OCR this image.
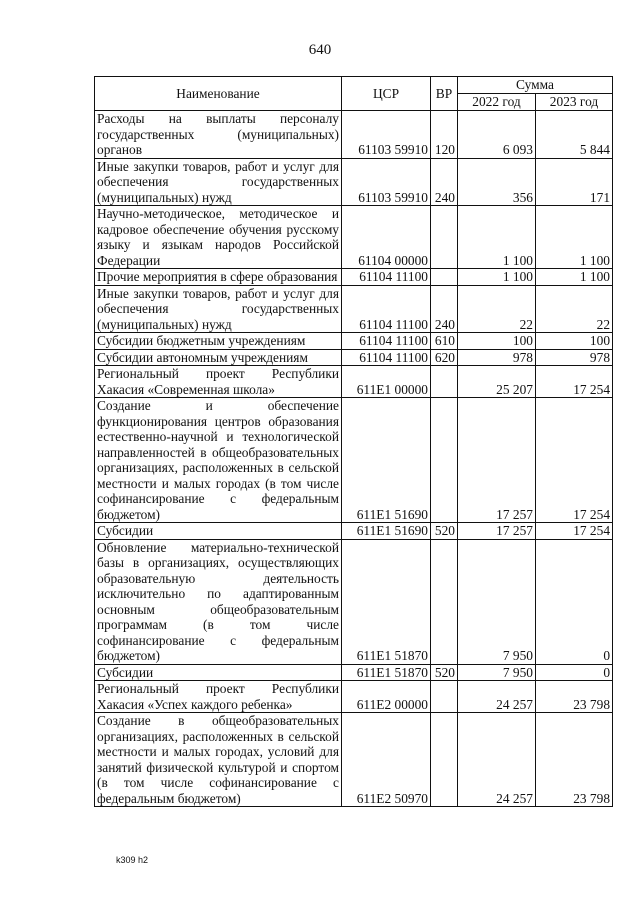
640
Наименование	ЦСР	ВР	Сумма	
			2022 год	2023 год
Расходы на выплаты персоналу государственных (муниципальных) органов	61103 59910	120	6 093	5 844
Иные закупки товаров, работ и услуг для обеспечения государственных (муниципальных) нужд	61103 59910	240	356	171
Научно-методическое, методическое и кадровое обеспечение обучения русскому языку и языкам народов Российской Федерации	61104 00000		1 100	1 100
Прочие мероприятия в сфере образования	61104 11100		1 100	1 100
Иные закупки товаров, работ и услуг для обеспечения государственных (муниципальных) нужд	61104 11100	240	22	22
Субсидии бюджетным учреждениям	61104 11100	610	100	100
Субсидии автономным учреждениям	61104 11100	620	978	978
Региональный проект Республики Хакасия «Современная школа»	611E1 00000		25 207	17 254
Создание и обеспечение функционирования центров образования естественно-научной и технологической направленностей в общеобразовательных организациях, расположенных в сельской местности и малых городах (в том числе софинансирование с федеральным бюджетом)	611E1 51690		17 257	17 254
Субсидии	611E1 51690	520	17 257	17 254
Обновление материально-технической базы в организациях, осуществляющих образовательную деятельность исключительно по адаптированным основным общеобразовательным программам (в том числе софинансирование с федеральным бюджетом)	611E1 51870		7 950	0
Субсидии	611E1 51870	520	7 950	0
Региональный проект Республики Хакасия «Успех каждого ребенка»	611E2 00000		24 257	23 798
Создание в общеобразовательных организациях, расположенных в сельской местности и малых городах, условий для занятий физической культурой и спортом (в том числе софинансирование с федеральным бюджетом)	611E2 50970		24 257	23 798
k309 h2
